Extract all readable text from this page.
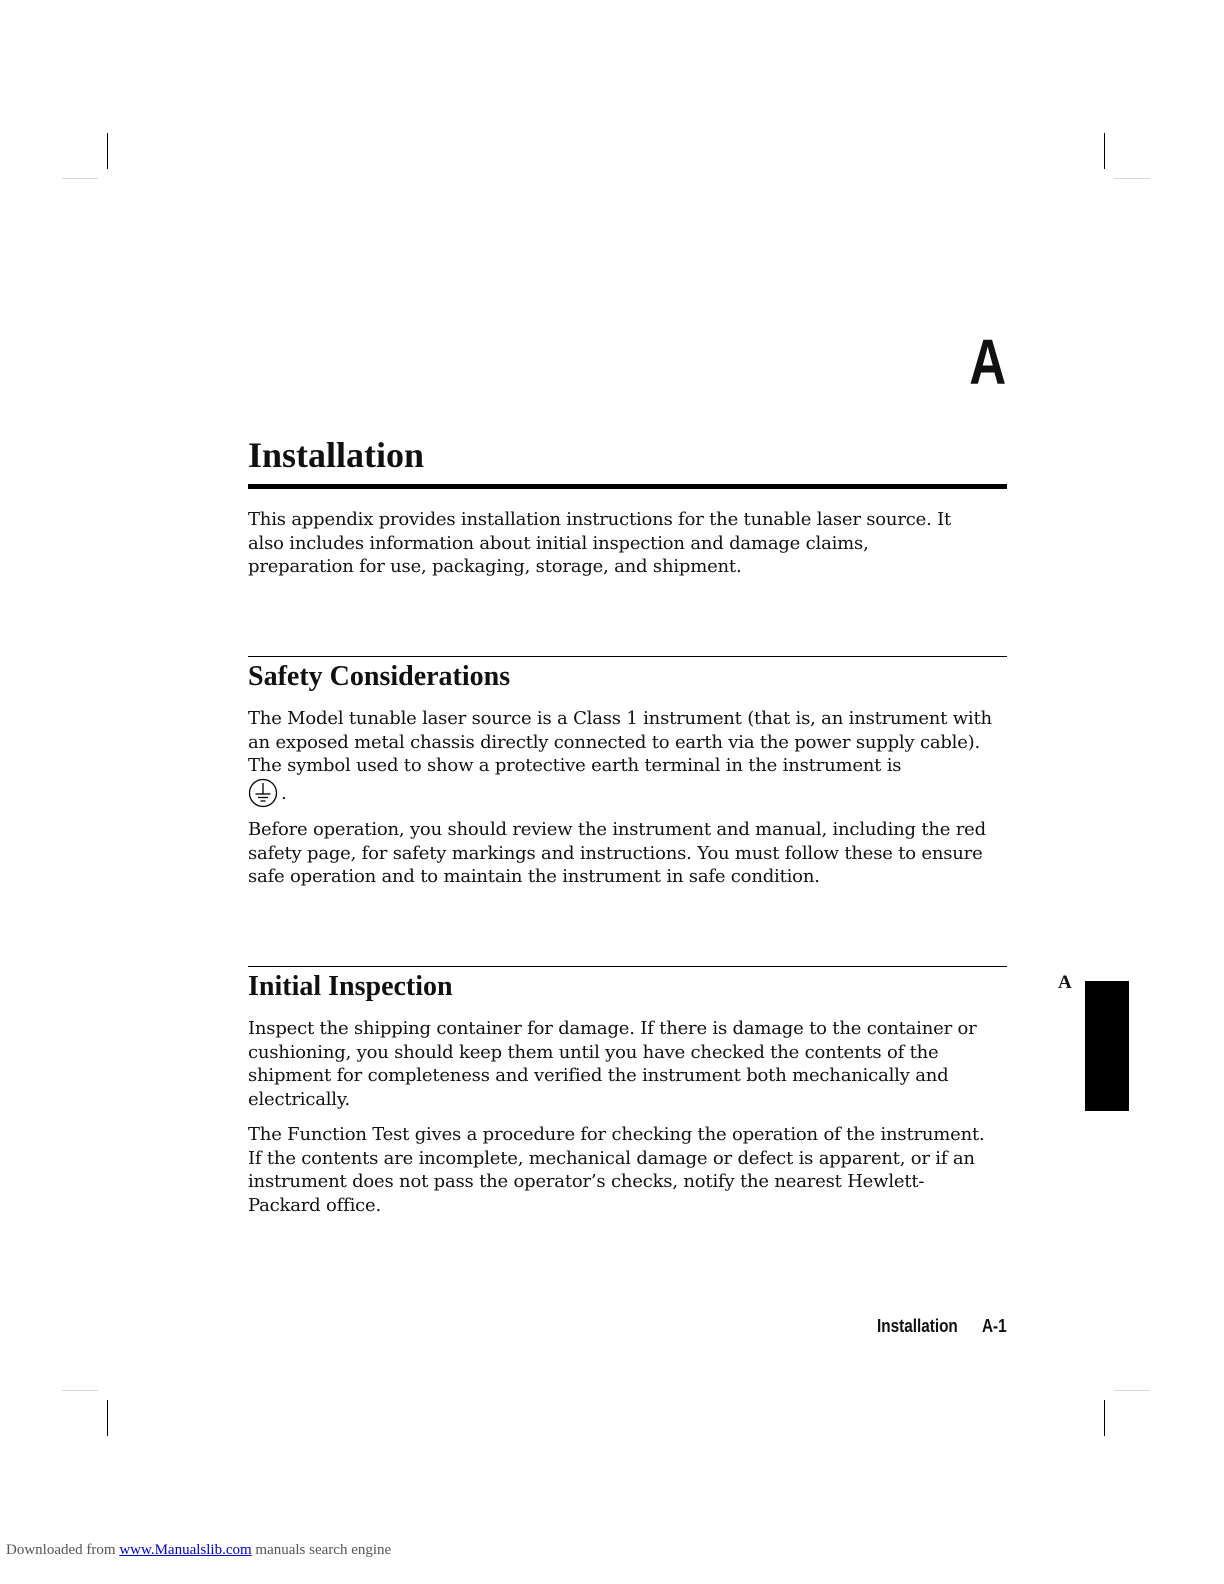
A
Installation

This appendix provides installation instructions for the tunable laser source. It also includes information about initial inspection and damage claims, preparation for use, packaging, storage, and shipment.

Safety Considerations

The Model tunable laser source is a Class 1 instrument (that is, an instrument with an exposed metal chassis directly connected to earth via the power supply cable). The symbol used to show a protective earth terminal in the instrument is

.

Before operation, you should review the instrument and manual, including the red safety page, for safety markings and instructions. You must follow these to ensure safe operation and to maintain the instrument in safe condition.

Initial Inspection

Inspect the shipping container for damage. If there is damage to the container or cushioning, you should keep them until you have checked the contents of the shipment for completeness and verified the instrument both mechanically and electrically.

The Function Test gives a procedure for checking the operation of the instrument. If the contents are incomplete, mechanical damage or defect is apparent, or if an instrument does not pass the operator’s checks, notify the nearest Hewlett-Packard office.

A
Installation A-1
Downloaded from www.Manualslib.com manuals search engine
